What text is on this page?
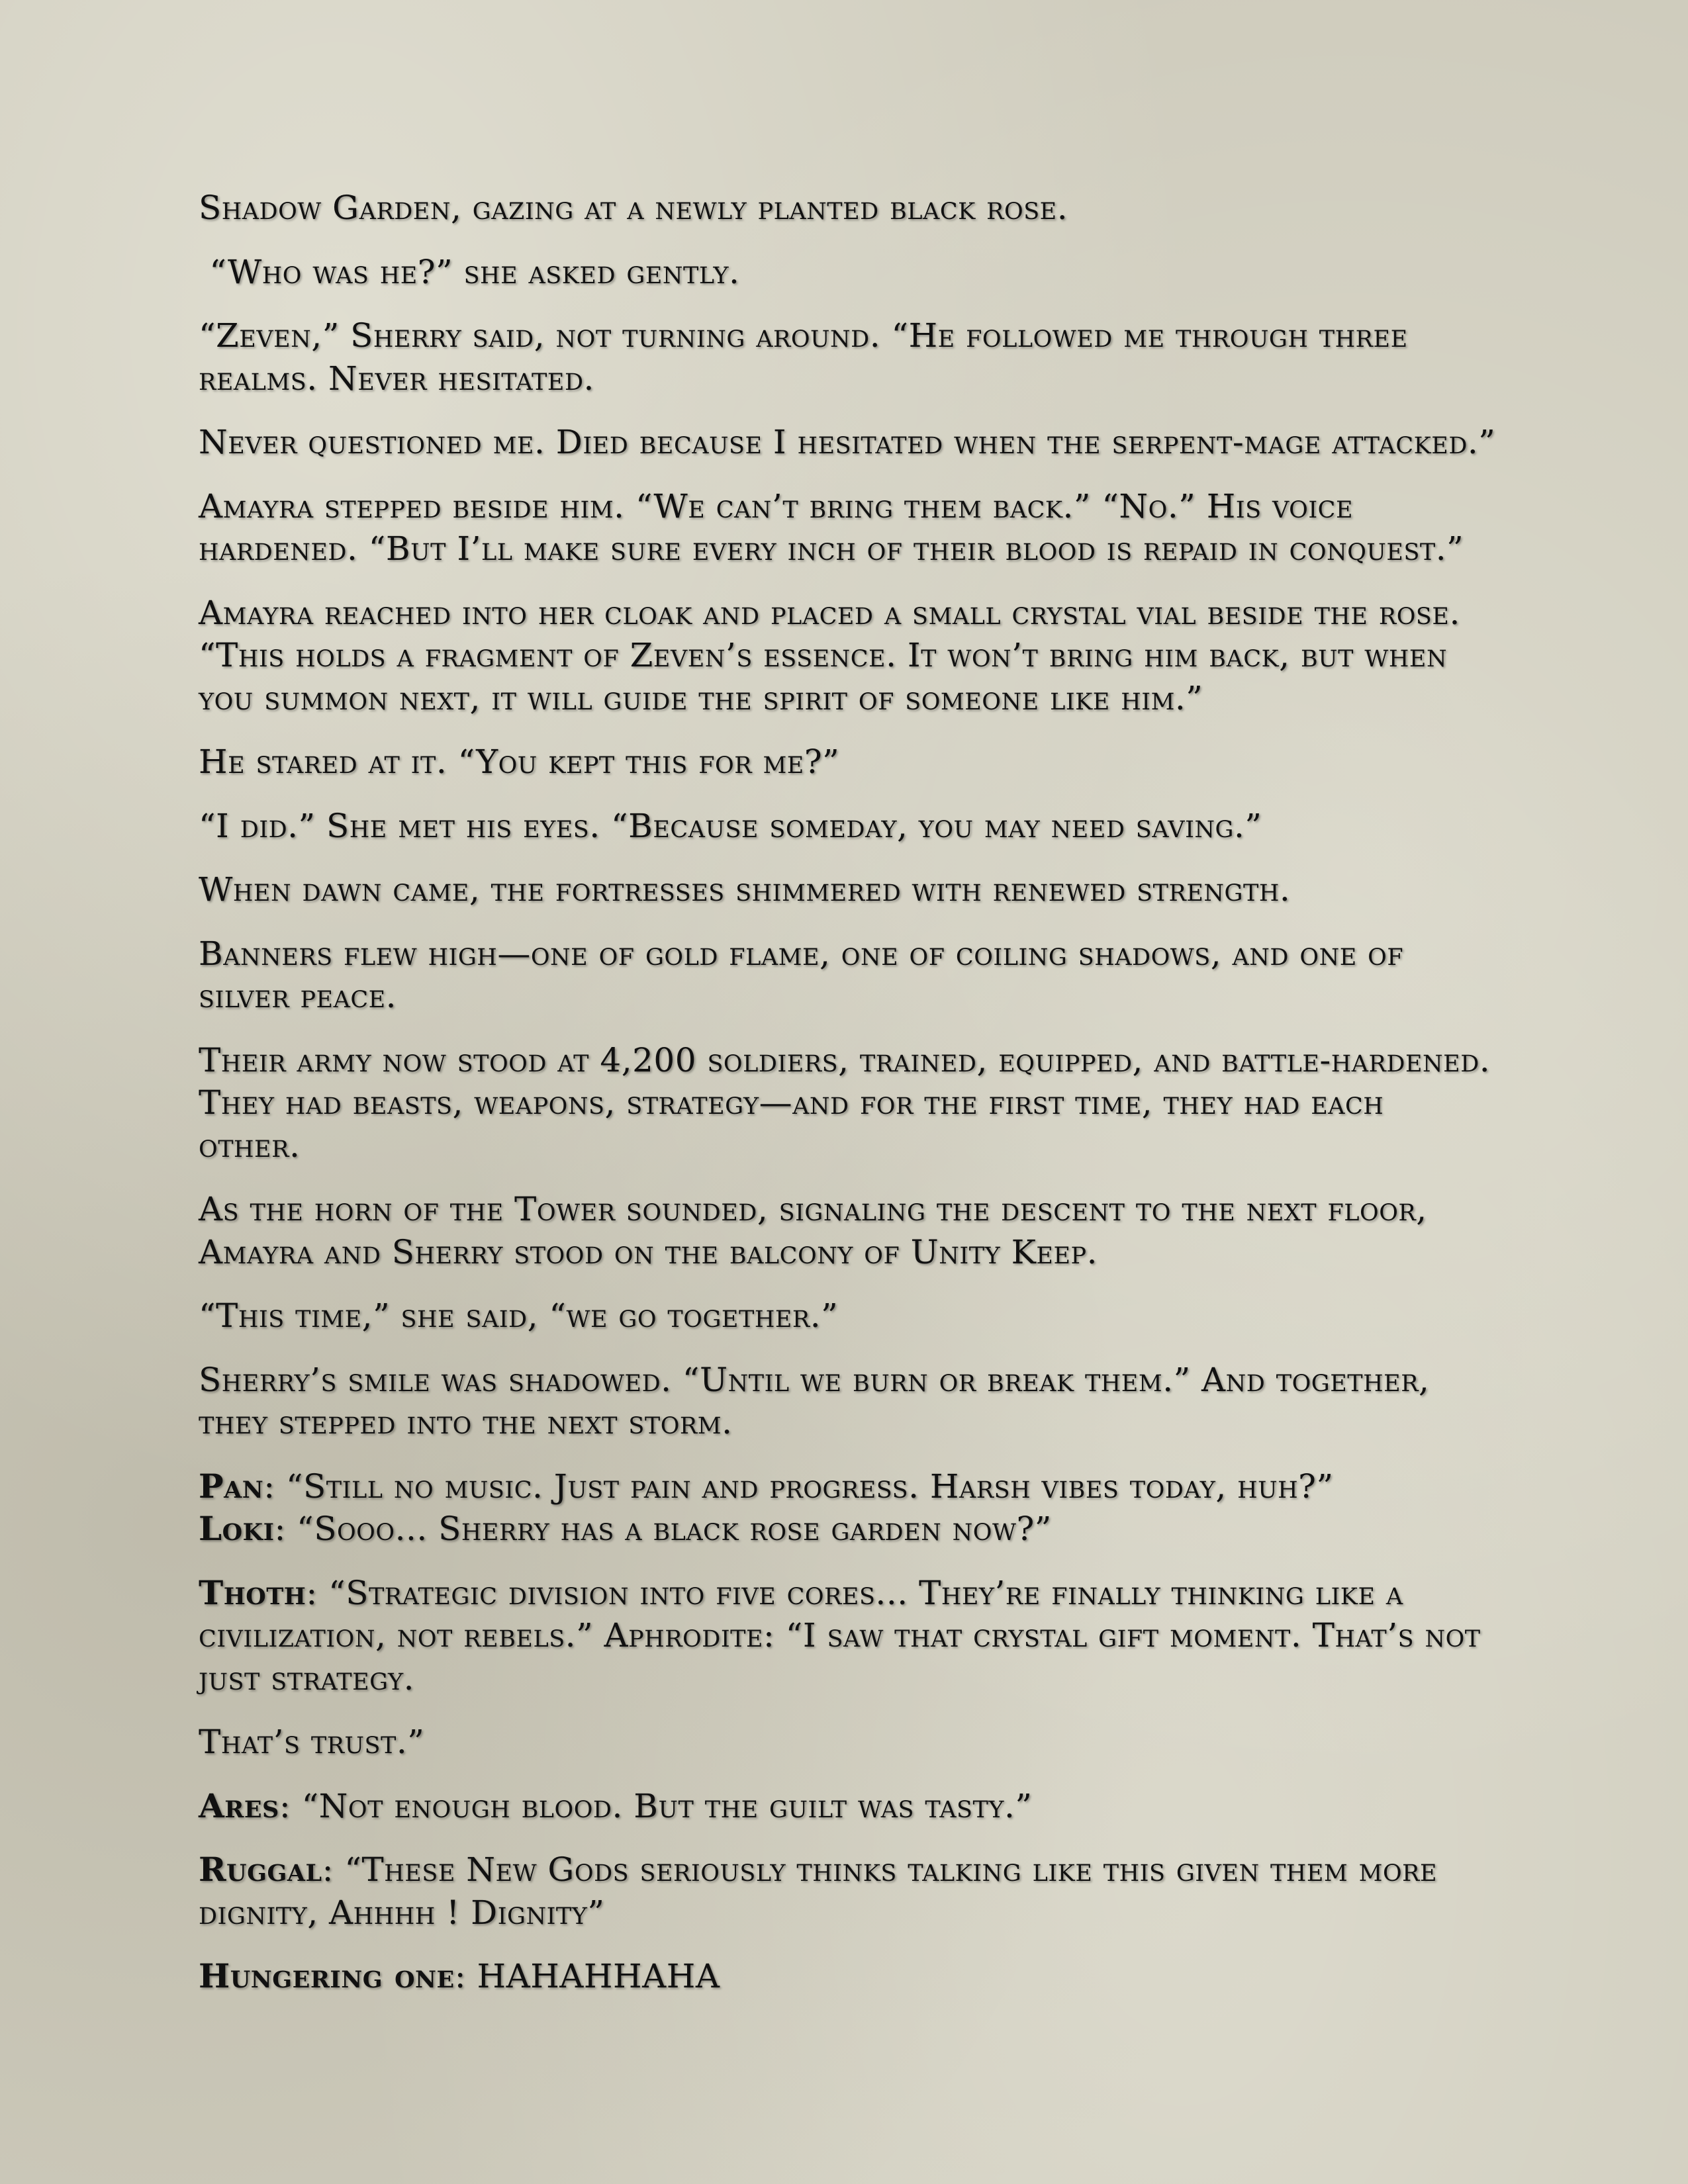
Shadow Garden, gazing at a newly planted black rose.

“Who was he?” she asked gently.

“Zeven,” Sherry said, not turning around. “He followed me through three realms. Never hesitated.

Never questioned me. Died because I hesitated when the serpent-mage attacked.”

Amayra stepped beside him. “We can’t bring them back.” “No.” His voice hardened. “But I’ll make sure every inch of their blood is repaid in conquest.”

Amayra reached into her cloak and placed a small crystal vial beside the rose. “This holds a fragment of Zeven’s essence. It won’t bring him back, but when you summon next, it will guide the spirit of someone like him.”

He stared at it. “You kept this for me?”

“I did.” She met his eyes. “Because someday, you may need saving.”

When dawn came, the fortresses shimmered with renewed strength.

Banners flew high—one of gold flame, one of coiling shadows, and one of silver peace.

Their army now stood at 4,200 soldiers, trained, equipped, and battle-hardened. They had beasts, weapons, strategy—and for the first time, they had each other.

As the horn of the Tower sounded, signaling the descent to the next floor, Amayra and Sherry stood on the balcony of Unity Keep.

“This time,” she said, “we go together.”

Sherry’s smile was shadowed. “Until we burn or break them.” And together, they stepped into the next storm.

Pan: “Still no music. Just pain and progress. Harsh vibes today, huh?”
Loki: “Sooo... Sherry has a black rose garden now?”

Thoth: “Strategic division into five cores... They’re finally thinking like a civilization, not rebels.” Aphrodite: “I saw that crystal gift moment. That’s not just strategy.

That’s trust.”

Ares: “Not enough blood. But the guilt was tasty.”

Ruggal: “These New Gods seriously thinks talking like this given them more dignity, Ahhhh ! Dignity”

Hungering one: HAHAHHAHA
